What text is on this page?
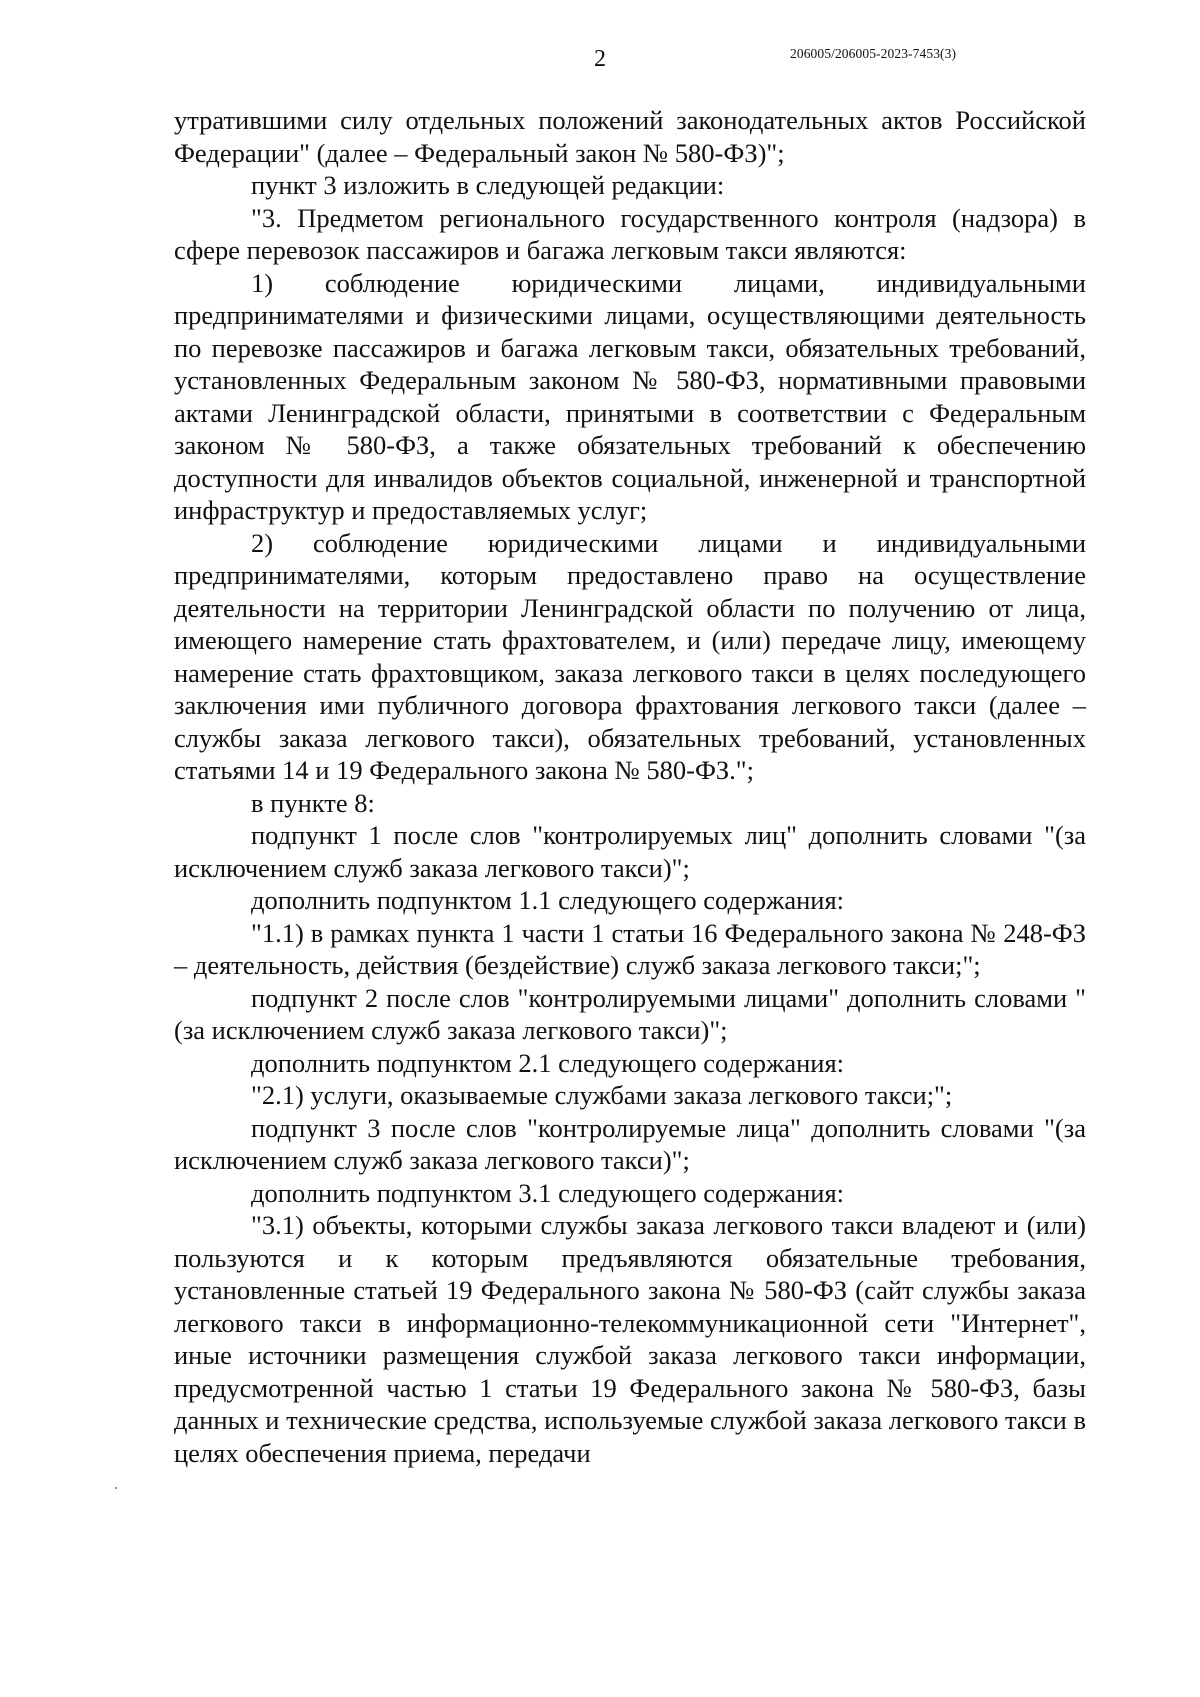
2	206005/206005-2023-7453(3)

утратившими силу отдельных положений законодательных актов Российской Федерации" (далее – Федеральный закон № 580-ФЗ)";

пункт 3 изложить в следующей редакции:

"3. Предметом регионального государственного контроля (надзора) в сфере перевозок пассажиров и багажа легковым такси являются:

1) соблюдение юридическими лицами, индивидуальными предпринимателями и физическими лицами, осуществляющими деятельность по перевозке пассажиров и багажа легковым такси, обязательных требований, установленных Федеральным законом № 580-ФЗ, нормативными правовыми актами Ленинградской области, принятыми в соответствии с Федеральным законом № 580-ФЗ, а также обязательных требований к обеспечению доступности для инвалидов объектов социальной, инженерной и транспортной инфраструктур и предоставляемых услуг;

2) соблюдение юридическими лицами и индивидуальными предпринимателями, которым предоставлено право на осуществление деятельности на территории Ленинградской области по получению от лица, имеющего намерение стать фрахтователем, и (или) передаче лицу, имеющему намерение стать фрахтовщиком, заказа легкового такси в целях последующего заключения ими публичного договора фрахтования легкового такси (далее – службы заказа легкового такси), обязательных требований, установленных статьями 14 и 19 Федерального закона № 580-ФЗ.";

в пункте 8:

подпункт 1 после слов "контролируемых лиц" дополнить словами "(за исключением служб заказа легкового такси)";

дополнить подпунктом 1.1 следующего содержания:

"1.1) в рамках пункта 1 части 1 статьи 16 Федерального закона № 248-ФЗ – деятельность, действия (бездействие) служб заказа легкового такси;";

подпункт 2 после слов "контролируемыми лицами" дополнить словами "(за исключением служб заказа легкового такси)";

дополнить подпунктом 2.1 следующего содержания:

"2.1) услуги, оказываемые службами заказа легкового такси;";

подпункт 3 после слов "контролируемые лица" дополнить словами "(за исключением служб заказа легкового такси)";

дополнить подпунктом 3.1 следующего содержания:

"3.1) объекты, которыми службы заказа легкового такси владеют и (или) пользуются и к которым предъявляются обязательные требования, установленные статьей 19 Федерального закона № 580-ФЗ (сайт службы заказа легкового такси в информационно-телекоммуникационной сети "Интернет", иные источники размещения службой заказа легкового такси информации, предусмотренной частью 1 статьи 19 Федерального закона № 580-ФЗ, базы данных и технические средства, используемые службой заказа легкового такси в целях обеспечения приема, передачи
